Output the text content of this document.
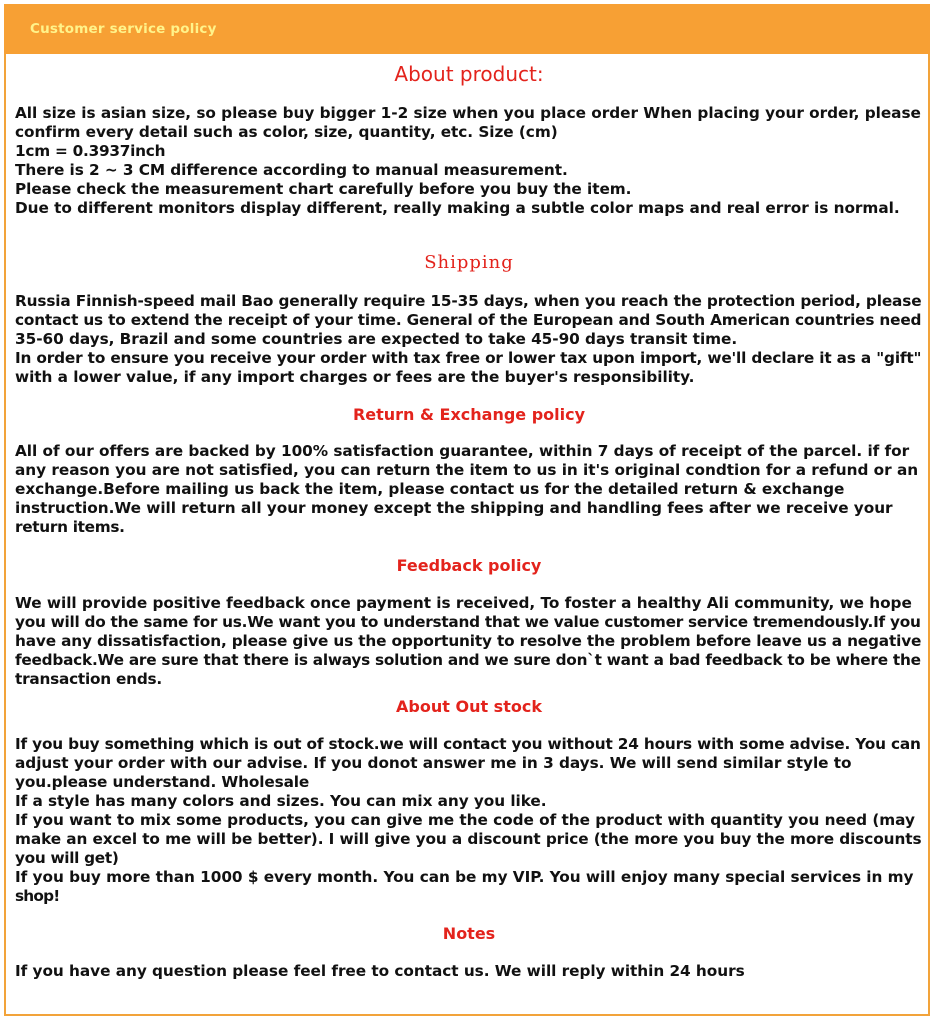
Customer service policy
About product:
All size is asian size, so please buy bigger 1-2 size when you place order When placing your order, please
confirm every detail such as color, size, quantity, etc. Size (cm)
1cm = 0.3937inch
There is 2 ~ 3 CM difference according to manual measurement.
Please check the measurement chart carefully before you buy the item.
Due to different monitors display different, really making a subtle color maps and real error is normal.
Shipping
Russia Finnish-speed mail Bao generally require 15-35 days, when you reach the protection period, please
contact us to extend the receipt of your time. General of the European and South American countries need
35-60 days, Brazil and some countries are expected to take 45-90 days transit time.
In order to ensure you receive your order with tax free or lower tax upon import, we'll declare it as a "gift"
with a lower value, if any import charges or fees are the buyer's responsibility.
Return & Exchange policy
All of our offers are backed by 100% satisfaction guarantee, within 7 days of receipt of the parcel. if for
any reason you are not satisfied, you can return the item to us in it's original condtion for a refund or an
exchange.Before mailing us back the item, please contact us for the detailed return & exchange
instruction.We will return all your money except the shipping and handling fees after we receive your
return items.
Feedback policy
We will provide positive feedback once payment is received, To foster a healthy Ali community, we hope
you will do the same for us.We want you to understand that we value customer service tremendously.If you
have any dissatisfaction, please give us the opportunity to resolve the problem before leave us a negative
feedback.We are sure that there is always solution and we sure don`t want a bad feedback to be where the
transaction ends.
About Out stock
If you buy something which is out of stock.we will contact you without 24 hours with some advise. You can
adjust your order with our advise. If you donot answer me in 3 days. We will send similar style to
you.please understand. Wholesale
If a style has many colors and sizes. You can mix any you like.
If you want to mix some products, you can give me the code of the product with quantity you need (may
make an excel to me will be better). I will give you a discount price (the more you buy the more discounts
you will get)
If you buy more than 1000 $ every month. You can be my VIP. You will enjoy many special services in my
shop!
Notes
If you have any question please feel free to contact us. We will reply within 24 hours
